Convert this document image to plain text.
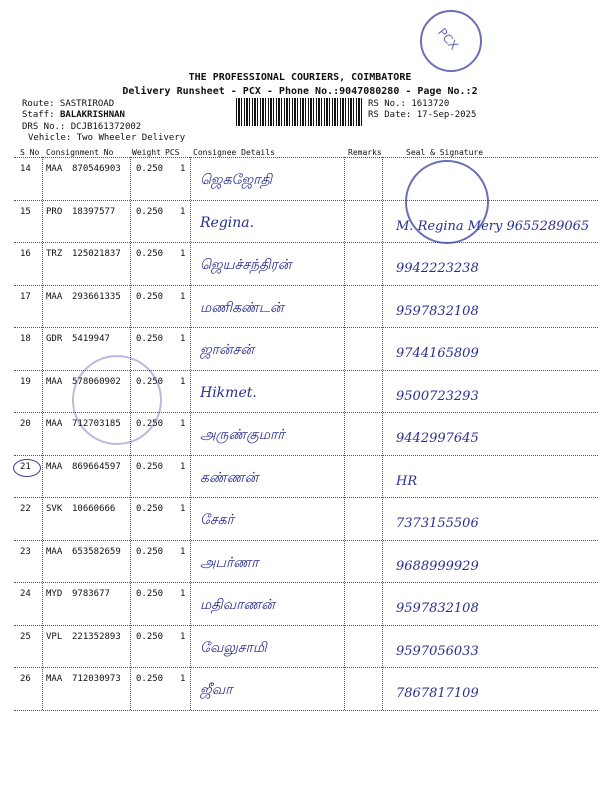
PCX
THE PROFESSIONAL COURIERS, COIMBATORE
Delivery Runsheet - PCX - Phone No.:9047080280 - Page No.:2
Route: SASTRIROAD
Staff: BALAKRISHNAN
DRS No.: DCJB161372002
Vehicle: Two Wheeler Delivery
RS No.: 1613720
RS Date: 17-Sep-2025
S No Consignment No Weight PCS Consignee Details	Remarks	Seal & Signature
14 MAA 870546903 0.250 1
ஜெகஜோதி
15 PRO 18397577 0.250 1
Regina.	M. Regina Mery 9655289065
16 TRZ 125021837 0.250 1
ஜெயச்சந்திரன்	9942223238
17 MAA 293661335 0.250 1
மணிகண்டன்	9597832108
18 GDR 5419947	0.250 1
ஜான்சன்	9744165809
19 MAA 578060902 0.250 1
Hikmet.	9500723293
20 MAA 712703185 0.250 1
அருண்குமார்	9442997645
21 MAA 869664597 0.250 1
கண்ணன்	HR
22 SVK 10660666 0.250 1
சேகர்	7373155506
23 MAA 653582659 0.250 1
அபர்ணா	9688999929
24 MYD 9783677	0.250 1
மதிவாணன்	9597832108
25 VPL 221352893 0.250 1
வேலுசாமி	9597056033
26 MAA 712030973 0.250 1
ஜீவா	7867817109
